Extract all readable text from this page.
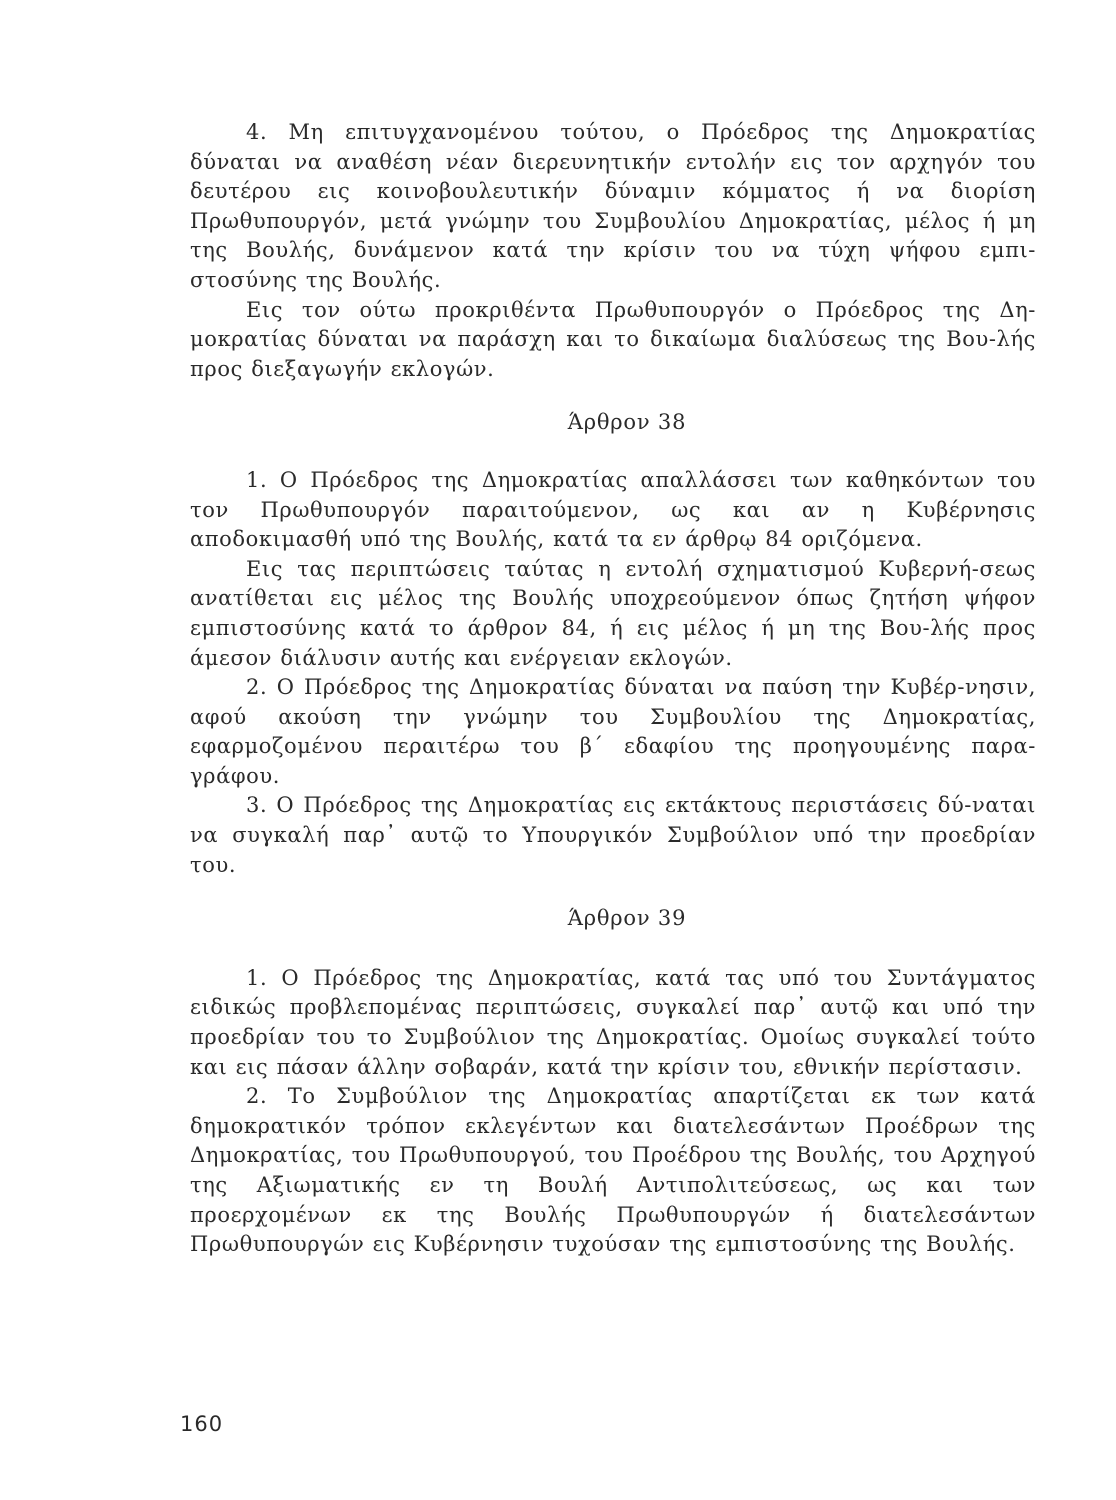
4. Μη επιτυγχανομένου τούτου, ο Πρόεδρος της Δημοκρατίας δύναται να αναθέση νέαν διερευνητικήν εντολήν εις τον αρχηγόν του δευτέρου εις κοινοβουλευτικήν δύναμιν κόμματος ή να διορίση Πρωθυπουργόν, μετά γνώμην του Συμβουλίου Δημοκρατίας, μέλος ή μη της Βουλής, δυνάμενον κατά την κρίσιν του να τύχη ψήφου εμπι-στοσύνης της Βουλής.

Εις τον ούτω προκριθέντα Πρωθυπουργόν ο Πρόεδρος της Δη-μοκρατίας δύναται να παράσχη και το δικαίωμα διαλύσεως της Βου-λής προς διεξαγωγήν εκλογών.

Άρθρον 38

1. Ο Πρόεδρος της Δημοκρατίας απαλλάσσει των καθηκόντων του τον Πρωθυπουργόν παραιτούμενον, ως και αν η Κυβέρνησις αποδοκιμασθή υπό της Βουλής, κατά τα εν άρθρῳ 84 οριζόμενα.

Εις τας περιπτώσεις ταύτας η εντολή σχηματισμού Κυβερνή-σεως ανατίθεται εις μέλος της Βουλής υποχρεούμενον όπως ζητήση ψήφον εμπιστοσύνης κατά το άρθρον 84, ή εις μέλος ή μη της Βου-λής προς άμεσον διάλυσιν αυτής και ενέργειαν εκλογών.

2. Ο Πρόεδρος της Δημοκρατίας δύναται να παύση την Κυβέρ-νησιν, αφού ακούση την γνώμην του Συμβουλίου της Δημοκρατίας, εφαρμοζομένου περαιτέρω του β΄ εδαφίου της προηγουμένης παρα-γράφου.

3. Ο Πρόεδρος της Δημοκρατίας εις εκτάκτους περιστάσεις δύ-ναται να συγκαλή παρ᾽ αυτῷ το Υπουργικόν Συμβούλιον υπό την προεδρίαν του.

Άρθρον 39

1. Ο Πρόεδρος της Δημοκρατίας, κατά τας υπό του Συντάγματος ειδικώς προβλεπομένας περιπτώσεις, συγκαλεί παρ᾽ αυτῷ και υπό την προεδρίαν του το Συμβούλιον της Δημοκρατίας. Ομοίως συγκαλεί τούτο και εις πάσαν άλλην σοβαράν, κατά την κρίσιν του, εθνικήν περίστασιν.

2. Το Συμβούλιον της Δημοκρατίας απαρτίζεται εκ των κατά δημοκρατικόν τρόπον εκλεγέντων και διατελεσάντων Προέδρων της Δημοκρατίας, του Πρωθυπουργού, του Προέδρου της Βουλής, του Αρχηγού της Αξιωματικής εν τη Βουλή Αντιπολιτεύσεως, ως και των προερχομένων εκ της Βουλής Πρωθυπουργών ή διατελεσάντων Πρωθυπουργών εις Κυβέρνησιν τυχούσαν της εμπιστοσύνης της Βουλής.

160
